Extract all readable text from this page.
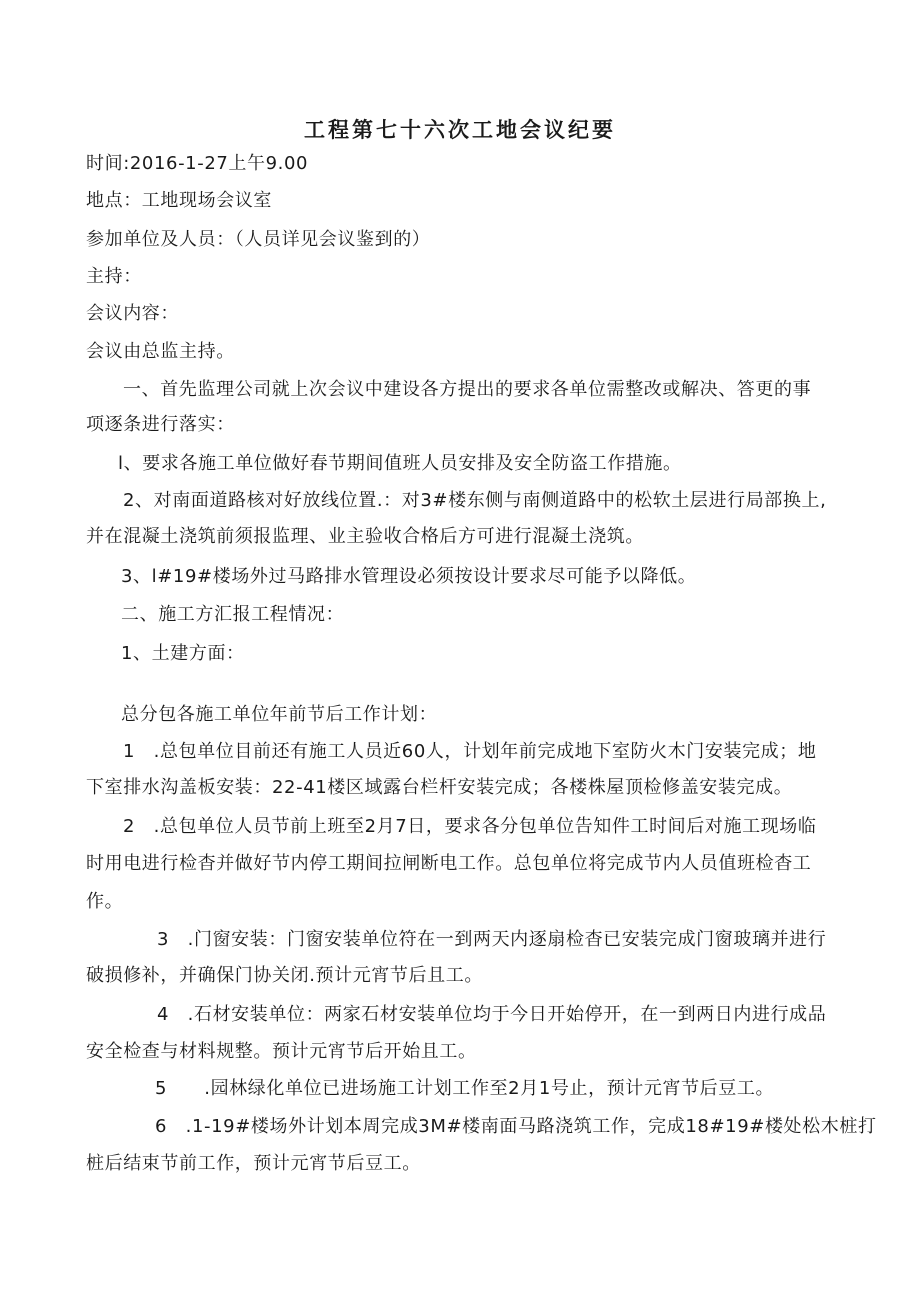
工程第七十六次工地会议纪要
时间:2016-1-27上午9.00
地点：工地现场会议室
参加单位及人员：（人员详见会议鉴到的）
主持：
会议内容：
会议由总监主持。
一、首先监理公司就上次会议中建设各方提出的要求各单位需整改或解决、答更的事
项逐条进行落实：
l、要求各施工单位做好春节期间值班人员安排及安全防盗工作措施。
2、对南面道路核对好放线位置.：对3#楼东侧与南侧道路中的松软土层进行局部换上,
并在混凝土浇筑前须报监理、业主验收合格后方可进行混凝土浇筑。
3、l#19#楼场外过马路排水管理设必须按设计要求尽可能予以降低。
二、施工方汇报工程情况：
1、土建方面：
总分包各施工单位年前节后工作计划：
1　.总包单位目前还有施工人员近60人，计划年前完成地下室防火木门安装完成；地
下室排水沟盖板安装：22-41楼区域露台栏杆安装完成；各楼株屋顶检修盖安装完成。
2　.总包单位人员节前上班至2月7日，要求各分包单位告知件工时间后对施工现场临
时用电进行检杳并做好节内停工期间拉闸断电工作。总包单位将完成节内人员值班检杳工
作。
3　.门窗安装：门窗安装单位符在一到两天内逐扇检杳已安装完成门窗玻璃并进行
破损修补，并确保门协关闭.预计元宵节后且工。
4　.石材安装单位：两家石材安装单位均于今日开始停开，在一到两日内进行成品
安全检查与材料规整。预计元宵节后开始且工。
5　　.园林绿化单位已进场施工计划工作至2月1号止，预计元宵节后豆工。
6　.1-19#楼场外计划本周完成3M#楼南面马路浇筑工作，完成18#19#楼处松木桩打
桩后结束节前工作，预计元宵节后豆工。
